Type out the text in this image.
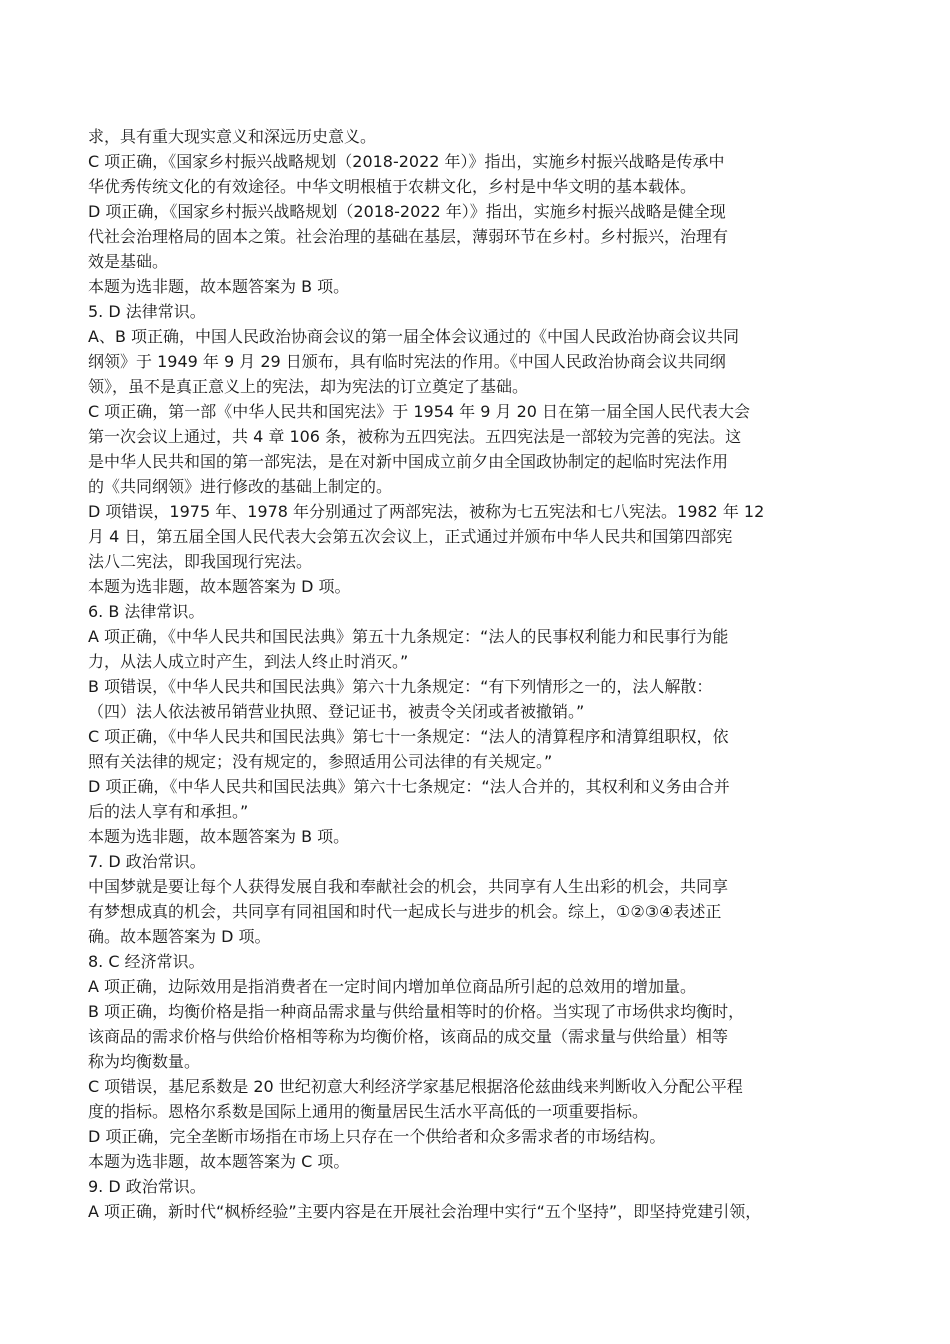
求，具有重大现实意义和深远历史意义。
C 项正确，《国家乡村振兴战略规划（2018-2022 年）》指出，实施乡村振兴战略是传承中
华优秀传统文化的有效途径。中华文明根植于农耕文化，乡村是中华文明的基本载体。
D 项正确，《国家乡村振兴战略规划（2018-2022 年）》指出，实施乡村振兴战略是健全现
代社会治理格局的固本之策。社会治理的基础在基层，薄弱环节在乡村。乡村振兴，治理有
效是基础。
本题为选非题，故本题答案为 B 项。
5. D 法律常识。
A、B 项正确，中国人民政治协商会议的第一届全体会议通过的《中国人民政治协商会议共同
纲领》于 1949 年 9 月 29 日颁布，具有临时宪法的作用。《中国人民政治协商会议共同纲
领》，虽不是真正意义上的宪法，却为宪法的订立奠定了基础。
C 项正确，第一部《中华人民共和国宪法》于 1954 年 9 月 20 日在第一届全国人民代表大会
第一次会议上通过，共 4 章 106 条，被称为五四宪法。五四宪法是一部较为完善的宪法。这
是中华人民共和国的第一部宪法，是在对新中国成立前夕由全国政协制定的起临时宪法作用
的《共同纲领》进行修改的基础上制定的。
D 项错误，1975 年、1978 年分别通过了两部宪法，被称为七五宪法和七八宪法。1982 年 12
月 4 日，第五届全国人民代表大会第五次会议上，正式通过并颁布中华人民共和国第四部宪
法八二宪法，即我国现行宪法。
本题为选非题，故本题答案为 D 项。
6. B 法律常识。
A 项正确，《中华人民共和国民法典》第五十九条规定：“法人的民事权利能力和民事行为能
力，从法人成立时产生，到法人终止时消灭。”
B 项错误，《中华人民共和国民法典》第六十九条规定：“有下列情形之一的，法人解散：
（四）法人依法被吊销营业执照、登记证书，被责令关闭或者被撤销。”
C 项正确，《中华人民共和国民法典》第七十一条规定：“法人的清算程序和清算组职权，依
照有关法律的规定；没有规定的，参照适用公司法律的有关规定。”
D 项正确，《中华人民共和国民法典》第六十七条规定：“法人合并的，其权利和义务由合并
后的法人享有和承担。”
本题为选非题，故本题答案为 B 项。
7. D 政治常识。
中国梦就是要让每个人获得发展自我和奉献社会的机会，共同享有人生出彩的机会，共同享
有梦想成真的机会，共同享有同祖国和时代一起成长与进步的机会。综上，①②③④表述正
确。故本题答案为 D 项。
8. C 经济常识。
A 项正确，边际效用是指消费者在一定时间内增加单位商品所引起的总效用的增加量。
B 项正确，均衡价格是指一种商品需求量与供给量相等时的价格。当实现了市场供求均衡时，
该商品的需求价格与供给价格相等称为均衡价格，该商品的成交量（需求量与供给量）相等
称为均衡数量。
C 项错误，基尼系数是 20 世纪初意大利经济学家基尼根据洛伦兹曲线来判断收入分配公平程
度的指标。恩格尔系数是国际上通用的衡量居民生活水平高低的一项重要指标。
D 项正确，完全垄断市场指在市场上只存在一个供给者和众多需求者的市场结构。
本题为选非题，故本题答案为 C 项。
9. D 政治常识。
A 项正确，新时代“枫桥经验”主要内容是在开展社会治理中实行“五个坚持”，即坚持党建引领，
